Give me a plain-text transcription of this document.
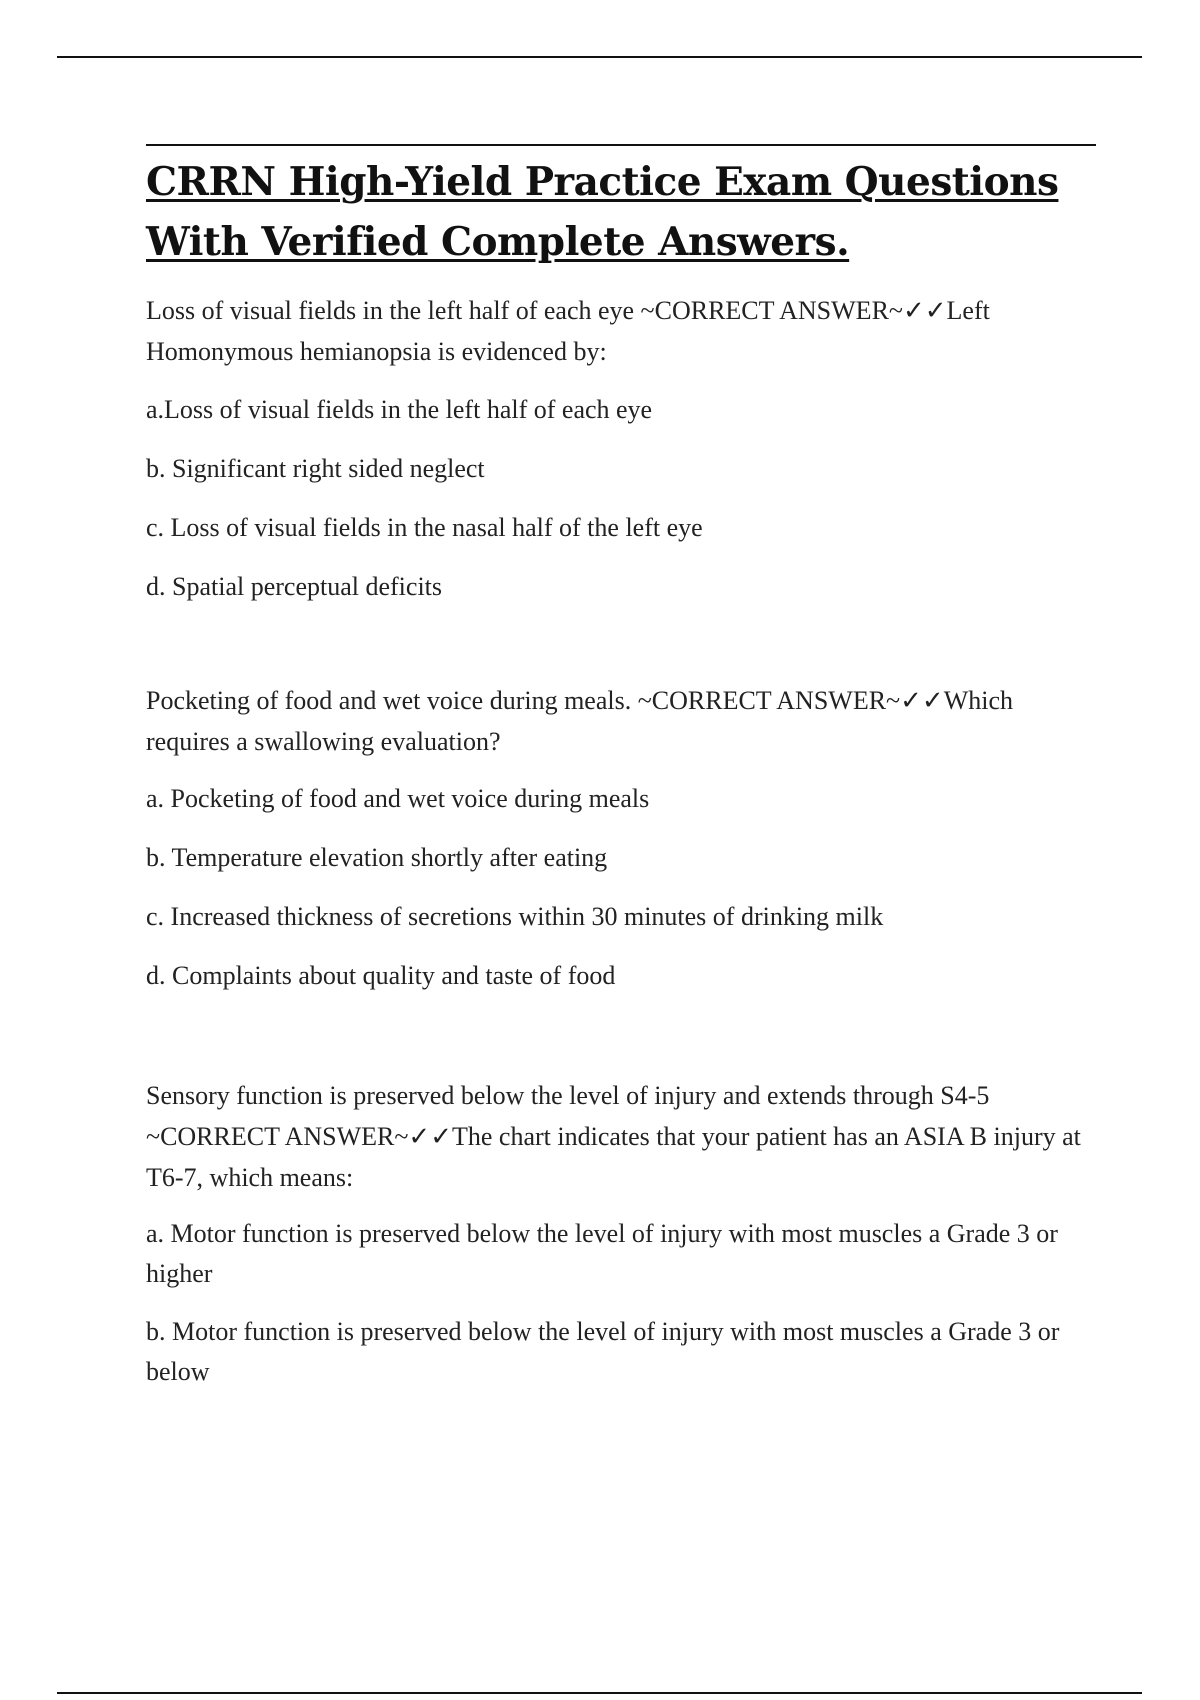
CRRN High-Yield Practice Exam Questions With Verified Complete Answers.

Loss of visual fields in the left half of each eye ~CORRECT ANSWER~✓✓Left Homonymous hemianopsia is evidenced by:

a.Loss of visual fields in the left half of each eye

b. Significant right sided neglect

c. Loss of visual fields in the nasal half of the left eye

d. Spatial perceptual deficits

Pocketing of food and wet voice during meals. ~CORRECT ANSWER~✓✓Which requires a swallowing evaluation?

a. Pocketing of food and wet voice during meals

b. Temperature elevation shortly after eating

c. Increased thickness of secretions within 30 minutes of drinking milk

d. Complaints about quality and taste of food

Sensory function is preserved below the level of injury and extends through S4-5 ~CORRECT ANSWER~✓✓The chart indicates that your patient has an ASIA B injury at T6-7, which means:

a. Motor function is preserved below the level of injury with most muscles a Grade 3 or higher

b. Motor function is preserved below the level of injury with most muscles a Grade 3 or below
